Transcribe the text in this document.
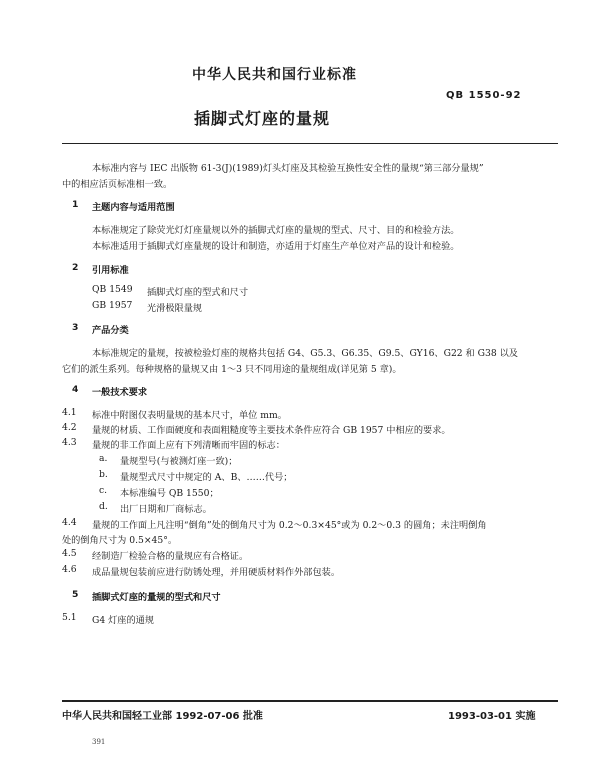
中华人民共和国行业标准
QB 1550-92
插脚式灯座的量规
本标准内容与 IEC 出版物 61-3(J)(1989)灯头灯座及其检验互换性安全性的量规“第三部分量规”
中的相应活页标准相一致。
1 主题内容与适用范围
本标准规定了除荧光灯灯座量规以外的插脚式灯座的量规的型式、尺寸、目的和检验方法。
本标准适用于插脚式灯座量规的设计和制造，亦适用于灯座生产单位对产品的设计和检验。
2 引用标准
QB 1549 插脚式灯座的型式和尺寸
GB 1957 光滑极限量规
3 产品分类
本标准规定的量规，按被检验灯座的规格共包括 G4、G5.3、G6.35、G9.5、GY16、G22 和 G38 以及
它们的派生系列。每种规格的量规又由 1～3 只不同用途的量规组成(详见第 5 章)。
4 一般技术要求
4.1 标准中附图仅表明量规的基本尺寸，单位 mm。
4.2 量规的材质、工作面硬度和表面粗糙度等主要技术条件应符合 GB 1957 中相应的要求。
4.3 量规的非工作面上应有下列清晰而牢固的标志：
a. 量规型号(与被测灯座一致)；
b. 量规型式尺寸中规定的 A、B、……代号；
c. 本标准编号 QB 1550；
d. 出厂日期和厂商标志。
4.4 量规的工作面上凡注明“倒角”处的倒角尺寸为 0.2～0.3×45°或为 0.2～0.3 的圆角；未注明倒角
处的倒角尺寸为 0.5×45°。
4.5 经制造厂检验合格的量规应有合格证。
4.6 成品量规包装前应进行防锈处理，并用硬质材料作外部包装。
5 插脚式灯座的量规的型式和尺寸
5.1 G4 灯座的通规
中华人民共和国轻工业部 1992-07-06 批准	1993-03-01 实施
391
